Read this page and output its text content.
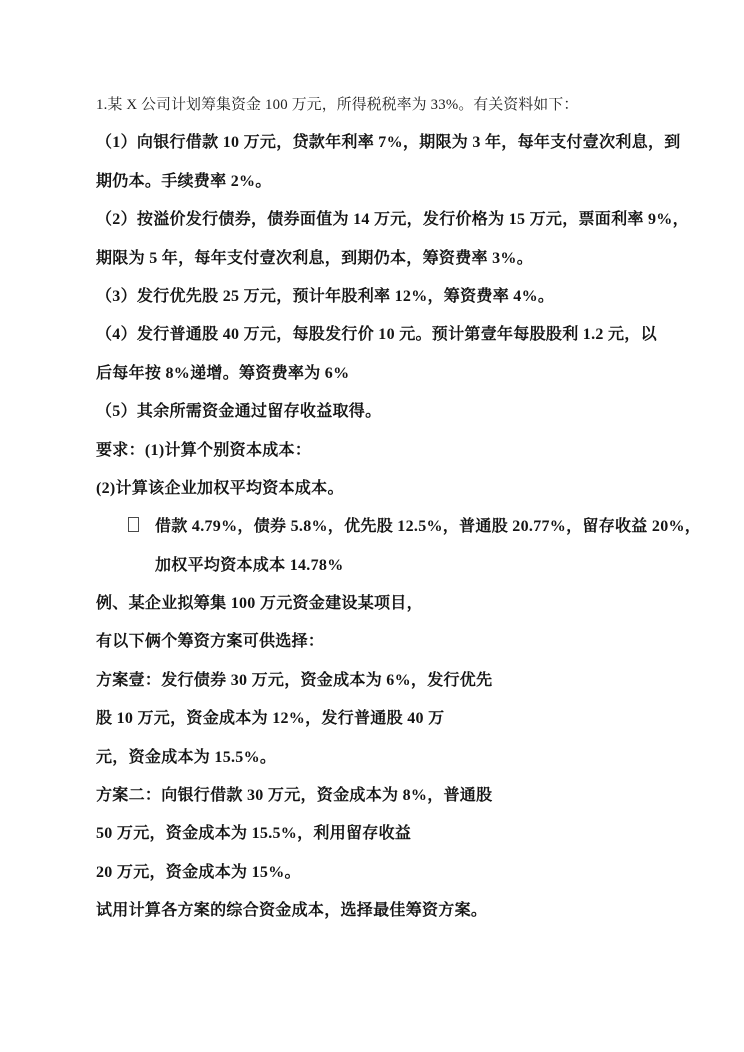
1.某 X 公司计划筹集资金 100 万元，所得税税率为 33%。有关资料如下：
（1）向银行借款 10 万元，贷款年利率 7%，期限为 3 年，每年支付壹次利息，到
期仍本。手续费率 2%。
（2）按溢价发行债券，债券面值为 14 万元，发行价格为 15 万元，票面利率 9%，
期限为 5 年，每年支付壹次利息，到期仍本，筹资费率 3%。
（3）发行优先股 25 万元，预计年股利率 12%，筹资费率 4%。
（4）发行普通股 40 万元，每股发行价 10 元。预计第壹年每股股利 1.2 元，以
后每年按 8%递增。筹资费率为 6%
（5）其余所需资金通过留存收益取得。
要求：(1)计算个别资本成本：
(2)计算该企业加权平均资本成本。
借款 4.79%，债券 5.8%，优先股 12.5%，普通股 20.77%，留存收益 20%，
加权平均资本成本 14.78%
例、某企业拟筹集 100 万元资金建设某项目，
有以下俩个筹资方案可供选择：
方案壹：发行债券 30 万元，资金成本为 6%，发行优先
股 10 万元，资金成本为 12%，发行普通股 40 万
元，资金成本为 15.5%。
方案二：向银行借款 30 万元，资金成本为 8%，普通股
50 万元，资金成本为 15.5%，利用留存收益
20 万元，资金成本为 15%。
试用计算各方案的综合资金成本，选择最佳筹资方案。
